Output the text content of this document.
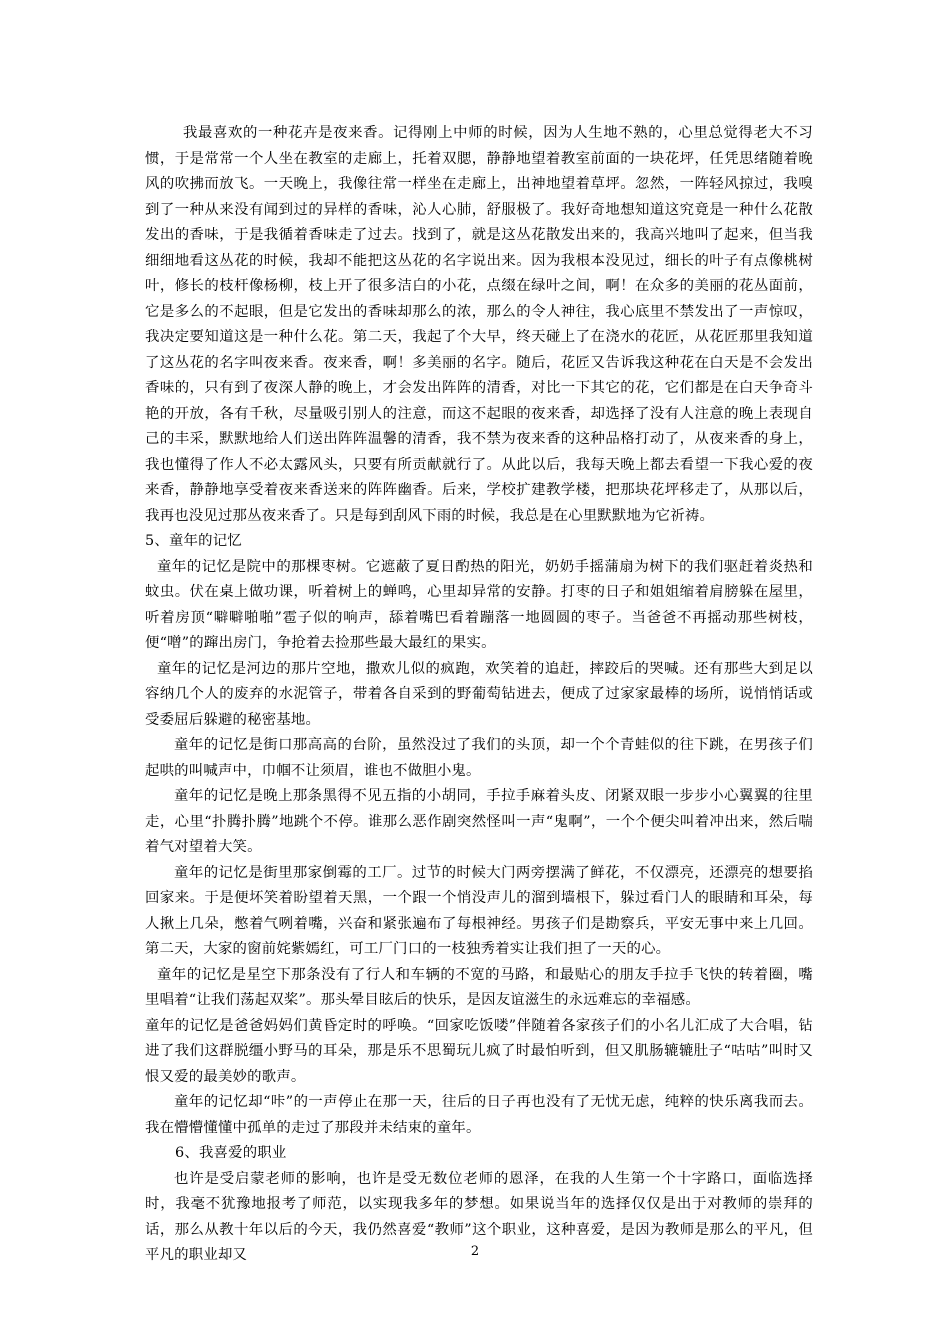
我最喜欢的一种花卉是夜来香。记得刚上中师的时候，因为人生地不熟的，心里总觉得老大不习惯，于是常常一个人坐在教室的走廊上，托着双腮，静静地望着教室前面的一块花坪，任凭思绪随着晚风的吹拂而放飞。一天晚上，我像往常一样坐在走廊上，出神地望着草坪。忽然，一阵轻风掠过，我嗅到了一种从来没有闻到过的异样的香味，沁人心肺，舒服极了。我好奇地想知道这究竟是一种什么花散发出的香味，于是我循着香味走了过去。找到了，就是这丛花散发出来的，我高兴地叫了起来，但当我细细地看这丛花的时候，我却不能把这丛花的名字说出来。因为我根本没见过，细长的叶子有点像桃树叶，修长的枝杆像杨柳，枝上开了很多洁白的小花，点缀在绿叶之间，啊！在众多的美丽的花丛面前，它是多么的不起眼，但是它发出的香味却那么的浓，那么的令人神往，我心底里不禁发出了一声惊叹，我决定要知道这是一种什么花。第二天，我起了个大早，终天碰上了在浇水的花匠，从花匠那里我知道了这丛花的名字叫夜来香。夜来香，啊！多美丽的名字。随后，花匠又告诉我这种花在白天是不会发出香味的，只有到了夜深人静的晚上，才会发出阵阵的清香，对比一下其它的花，它们都是在白天争奇斗艳的开放，各有千秋，尽量吸引别人的注意，而这不起眼的夜来香，却选择了没有人注意的晚上表现自己的丰采，默默地给人们送出阵阵温馨的清香，我不禁为夜来香的这种品格打动了，从夜来香的身上，我也懂得了作人不必太露风头，只要有所贡献就行了。从此以后，我每天晚上都去看望一下我心爱的夜来香，静静地享受着夜来香送来的阵阵幽香。后来，学校扩建教学楼，把那块花坪移走了，从那以后，我再也没见过那丛夜来香了。只是每到刮风下雨的时候，我总是在心里默默地为它祈祷。

5、童年的记忆

童年的记忆是院中的那棵枣树。它遮蔽了夏日酌热的阳光，奶奶手摇蒲扇为树下的我们驱赶着炎热和蚊虫。伏在桌上做功课，听着树上的蝉鸣，心里却异常的安静。打枣的日子和姐姐缩着肩膀躲在屋里，听着房顶“噼噼啪啪”雹子似的响声，舔着嘴巴看着蹦落一地圆圆的枣子。当爸爸不再摇动那些树枝，便“噌”的蹿出房门，争抢着去捡那些最大最红的果实。

童年的记忆是河边的那片空地，撒欢儿似的疯跑，欢笑着的追赶，摔跤后的哭喊。还有那些大到足以容纳几个人的废弃的水泥管子，带着各自采到的野葡萄钻进去，便成了过家家最棒的场所，说悄悄话或受委屈后躲避的秘密基地。

童年的记忆是街口那高高的台阶，虽然没过了我们的头顶，却一个个青蛙似的往下跳，在男孩子们起哄的叫喊声中，巾帼不让须眉，谁也不做胆小鬼。

童年的记忆是晚上那条黑得不见五指的小胡同，手拉手麻着头皮、闭紧双眼一步步小心翼翼的往里走，心里“扑腾扑腾”地跳个不停。谁那么恶作剧突然怪叫一声“鬼啊”，一个个便尖叫着冲出来，然后喘着气对望着大笑。

童年的记忆是街里那家倒霉的工厂。过节的时候大门两旁摆满了鲜花，不仅漂亮，还漂亮的想要掐回家来。于是便坏笑着盼望着天黑，一个跟一个悄没声儿的溜到墙根下，躲过看门人的眼睛和耳朵，每人揪上几朵，憋着气咧着嘴，兴奋和紧张遍布了每根神经。男孩子们是勘察兵，平安无事中来上几回。第二天，大家的窗前姹紫嫣红，可工厂门口的一枝独秀着实让我们担了一天的心。

童年的记忆是星空下那条没有了行人和车辆的不宽的马路，和最贴心的朋友手拉手飞快的转着圈，嘴里唱着“让我们荡起双桨”。那头晕目眩后的快乐，是因友谊滋生的永远难忘的幸福感。

童年的记忆是爸爸妈妈们黄昏定时的呼唤。“回家吃饭喽”伴随着各家孩子们的小名儿汇成了大合唱，钻进了我们这群脱缰小野马的耳朵，那是乐不思蜀玩儿疯了时最怕听到，但又肌肠辘辘肚子“咕咕”叫时又恨又爱的最美妙的歌声。

童年的记忆却“咔”的一声停止在那一天，往后的日子再也没有了无忧无虑，纯粹的快乐离我而去。我在懵懵懂懂中孤单的走过了那段并未结束的童年。

6、我喜爱的职业

也许是受启蒙老师的影响，也许是受无数位老师的恩泽，在我的人生第一个十字路口，面临选择时，我毫不犹豫地报考了师范，以实现我多年的梦想。如果说当年的选择仅仅是出于对教师的崇拜的话，那么从教十年以后的今天，我仍然喜爱“教师”这个职业，这种喜爱，是因为教师是那么的平凡，但平凡的职业却又	2
